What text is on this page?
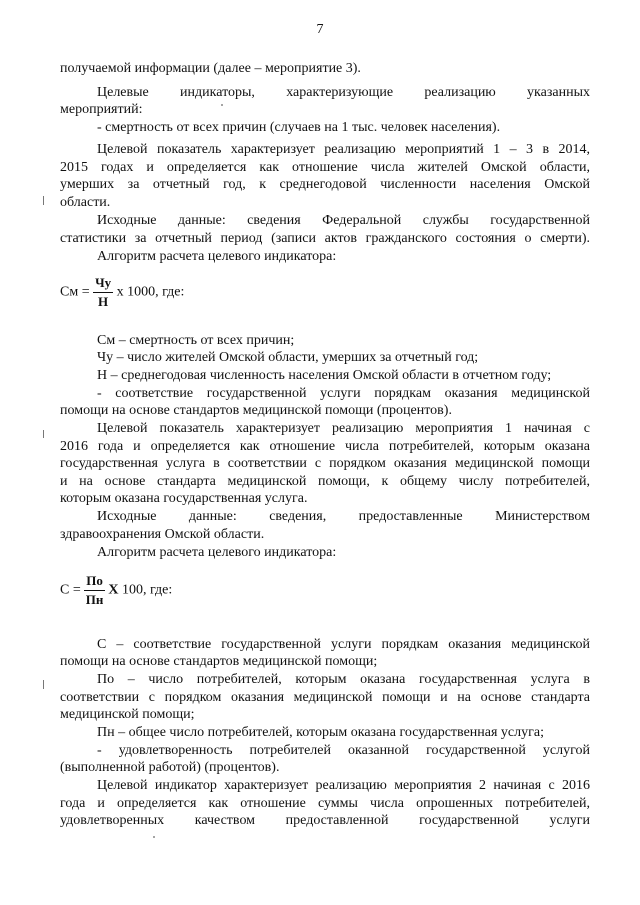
7
получаемой информации (далее – мероприятие 3).
Целевые индикаторы, характеризующие реализацию указанных
мероприятий:
- смертность от всех причин (случаев на 1 тыс. человек населения).
Целевой показатель характеризует реализацию мероприятий 1 – 3 в 2014,
2015 годах и определяется как отношение числа жителей Омской области,
умерших за отчетный год, к среднегодовой численности населения Омской
области.
Исходные данные: сведения Федеральной службы государственной
статистики за отчетный период (записи актов гражданского состояния о смерти).
Алгоритм расчета целевого индикатора:
См = $\frac{Чу}{Н}$ х 1000, где:
См – смертность от всех причин;
Чу – число жителей Омской области, умерших за отчетный год;
Н – среднегодовая численность населения Омской области в отчетном году;
- соответствие государственной услуги порядкам оказания медицинской
помощи на основе стандартов медицинской помощи (процентов).
Целевой показатель характеризует реализацию мероприятия 1 начиная с
2016 года и определяется как отношение числа потребителей, которым оказана
государственная услуга в соответствии с порядком оказания медицинской помощи
и на основе стандарта медицинской помощи, к общему числу потребителей,
которым оказана государственная услуга.
Исходные данные: сведения, предоставленные Министерством
здравоохранения Омской области.
Алгоритм расчета целевого индикатора:
$С = \frac{По}{Пн}$ Х 100, где:
С – соответствие государственной услуги порядкам оказания медицинской
помощи на основе стандартов медицинской помощи;
По – число потребителей, которым оказана государственная услуга в
соответствии с порядком оказания медицинской помощи и на основе стандарта
медицинской помощи;
Пн – общее число потребителей, которым оказана государственная услуга;
- удовлетворенность потребителей оказанной государственной услугой
(выполненной работой) (процентов).
Целевой индикатор характеризует реализацию мероприятия 2 начиная с 2016
года и определяется как отношение суммы числа опрошенных потребителей,
удовлетворенных качеством предоставленной государственной услуги
